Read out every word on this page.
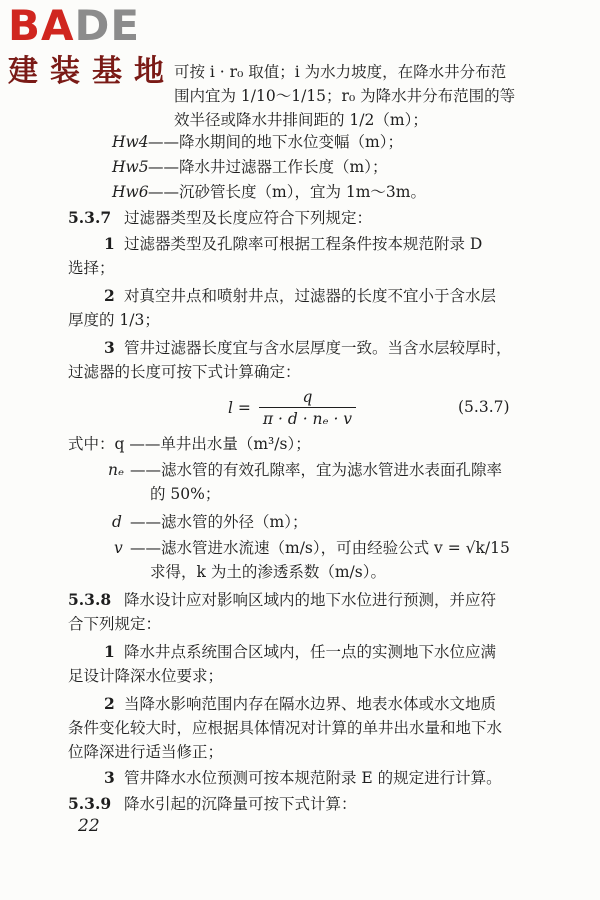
BADE
建装基地
可按 i · r₀ 取值；i 为水力坡度，在降水井分布范
围内宜为 1/10～1/15；r₀ 为降水井分布范围的等
效半径或降水井排间距的 1/2（m）；
Hw4 ——降水期间的地下水位变幅（m）；
Hw5 ——降水井过滤器工作长度（m）；
Hw6 ——沉砂管长度（m），宜为 1m～3m。
5.3.7 过滤器类型及长度应符合下列规定：
1 过滤器类型及孔隙率可根据工程条件按本规范附录 D
选择；
2 对真空井点和喷射井点，过滤器的长度不宜小于含水层
厚度的 1/3；
3 管井过滤器长度宜与含水层厚度一致。当含水层较厚时，
过滤器的长度可按下式计算确定：
$l = \frac{q}{\text{π · d · nₑ · v}}$	(5.3.7)
式中：q ——单井出水量（m³/s）；
nₑ ——滤水管的有效孔隙率，宜为滤水管进水表面孔隙率
的 50%；
d ——滤水管的外径（m）；
v ——滤水管进水流速（m/s），可由经验公式 v = √k/15
求得，k 为土的渗透系数（m/s）。
5.3.8 降水设计应对影响区域内的地下水位进行预测，并应符
合下列规定：
1 降水井点系统围合区域内，任一点的实测地下水位应满
足设计降深水位要求；
2 当降水影响范围内存在隔水边界、地表水体或水文地质
条件变化较大时，应根据具体情况对计算的单井出水量和地下水
位降深进行适当修正；
3 管井降水水位预测可按本规范附录 E 的规定进行计算。
5.3.9 降水引起的沉降量可按下式计算：
22
